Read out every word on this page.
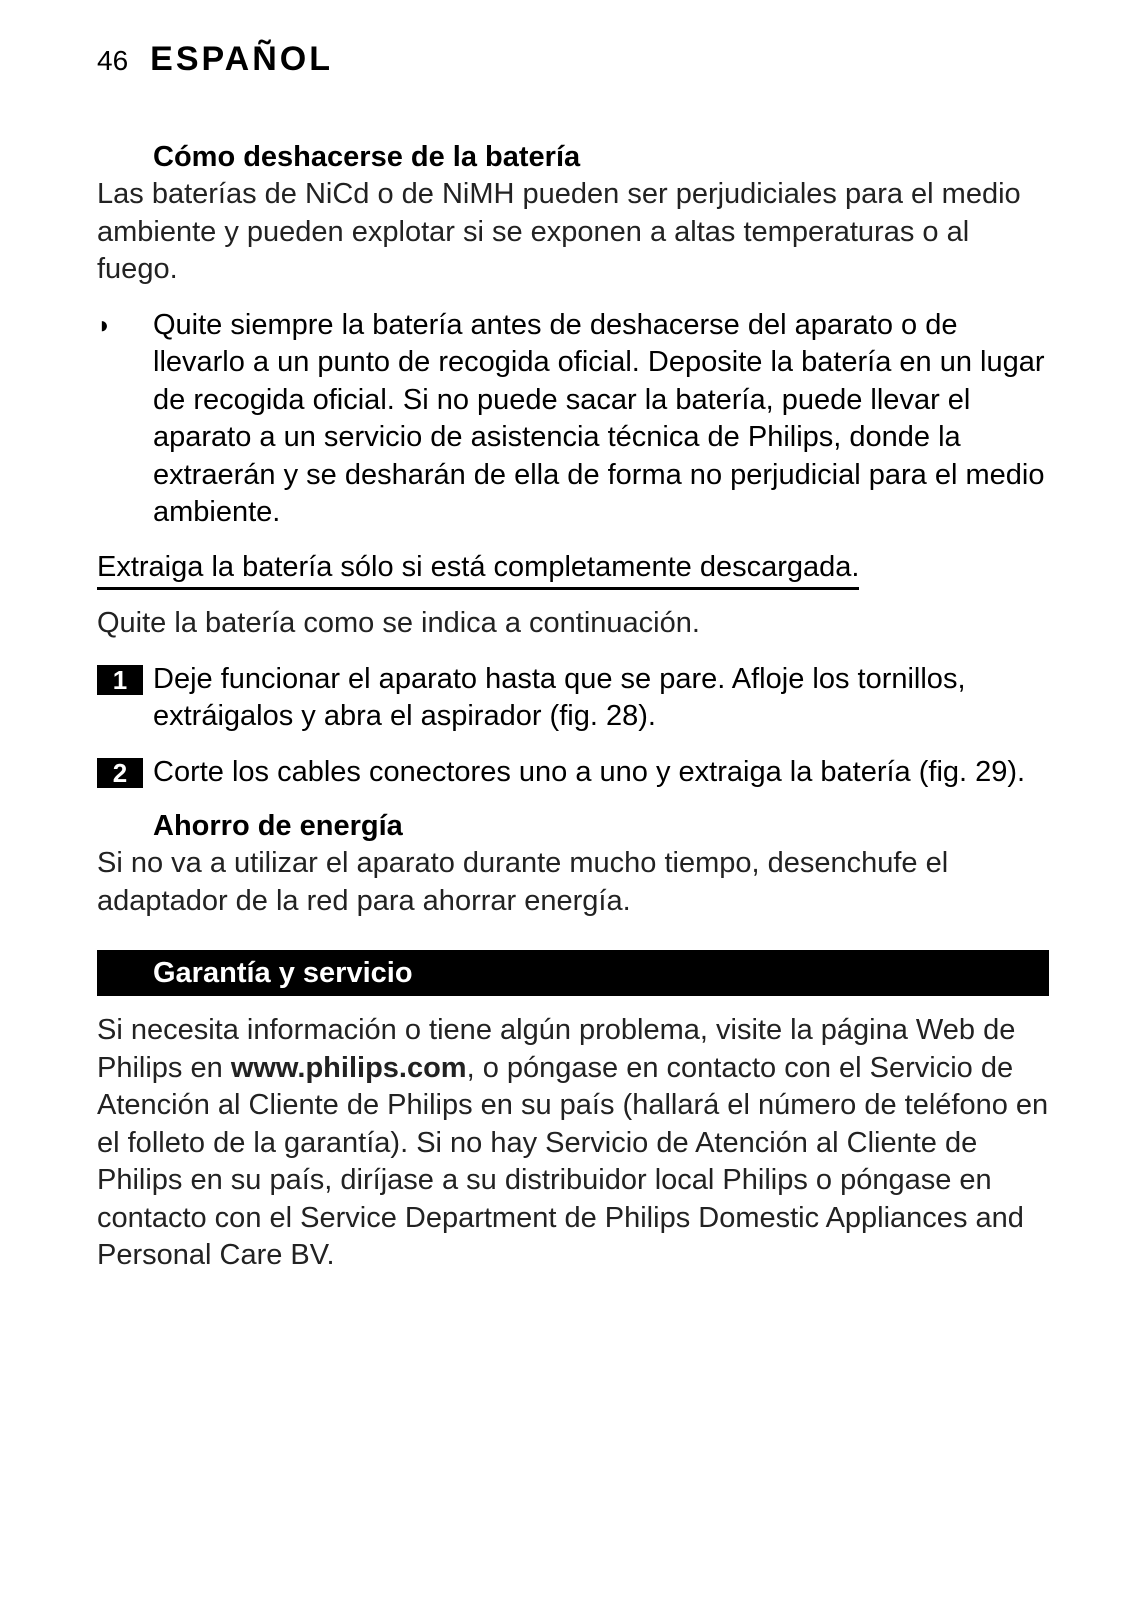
46 ESPAÑOL
Cómo deshacerse de la batería

Las baterías de NiCd o de NiMH pueden ser perjudiciales para el medio ambiente y pueden explotar si se exponen a altas temperaturas o al fuego.

◗	Quite siempre la batería antes de deshacerse del aparato o de llevarlo a un punto de recogida oficial. Deposite la batería en un lugar de recogida oficial. Si no puede sacar la batería, puede llevar el aparato a un servicio de asistencia técnica de Philips, donde la extraerán y se desharán de ella de forma no perjudicial para el medio ambiente.
Extraiga la batería sólo si está completamente descargada.

Quite la batería como se indica a continuación.

1 Deje funcionar el aparato hasta que se pare. Afloje los tornillos, extráigalos y abra el aspirador (fig. 28).
2 Corte los cables conectores uno a uno y extraiga la batería (fig. 29).
Ahorro de energía

Si no va a utilizar el aparato durante mucho tiempo, desenchufe el adaptador de la red para ahorrar energía.

Garantía y servicio

Si necesita información o tiene algún problema, visite la página Web de Philips en www.philips.com, o póngase en contacto con el Servicio de Atención al Cliente de Philips en su país (hallará el número de teléfono en el folleto de la garantía). Si no hay Servicio de Atención al Cliente de Philips en su país, diríjase a su distribuidor local Philips o póngase en contacto con el Service Department de Philips Domestic Appliances and Personal Care BV.
